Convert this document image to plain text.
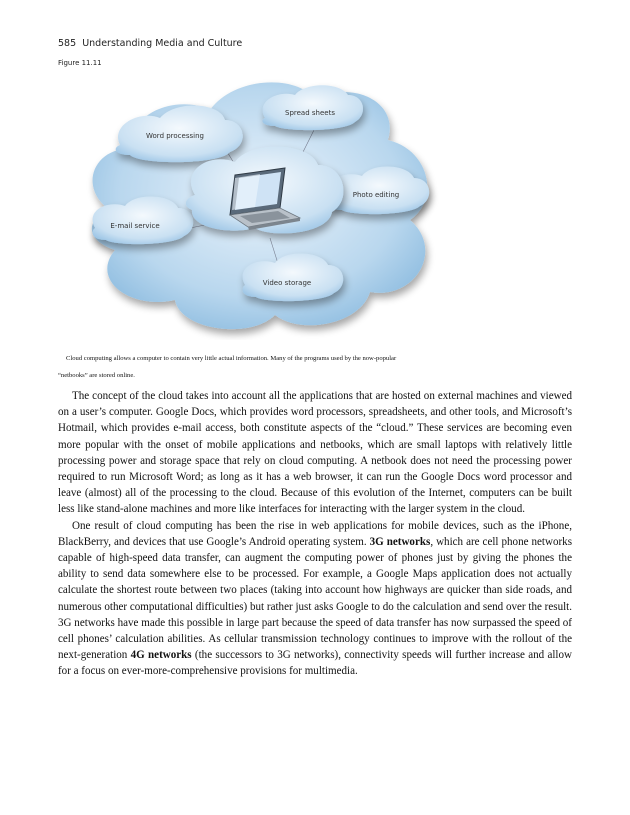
585 Understanding Media and Culture
Figure 11.11
Word processing
Spread sheets
Photo editing
E-mail service
Video storage
Cloud computing allows a computer to contain very little actual information. Many of the programs used by the now-popular
“netbooks” are stored online.

The concept of the cloud takes into account all the applications that are hosted on external machines and viewed on a user’s computer. Google Docs, which provides word processors, spreadsheets, and other tools, and Microsoft’s Hotmail, which provides e-mail access, both constitute aspects of the “cloud.” These services are becoming even more popular with the onset of mobile applications and netbooks, which are small laptops with relatively little processing power and storage space that rely on cloud computing. A netbook does not need the processing power required to run Microsoft Word; as long as it has a web browser, it can run the Google Docs word processor and leave (almost) all of the processing to the cloud. Because of this evolution of the Internet, computers can be built less like stand-alone machines and more like interfaces for interacting with the larger system in the cloud.

One result of cloud computing has been the rise in web applications for mobile devices, such as the iPhone, BlackBerry, and devices that use Google’s Android operating system. 3G networks, which are cell phone networks capable of high-speed data transfer, can augment the computing power of phones just by giving the phones the ability to send data somewhere else to be processed. For example, a Google Maps application does not actually calculate the shortest route between two places (taking into account how highways are quicker than side roads, and numerous other computational difficulties) but rather just asks Google to do the calculation and send over the result. 3G networks have made this possible in large part because the speed of data transfer has now surpassed the speed of cell phones’ calculation abilities. As cellular transmission technology continues to improve with the rollout of the next-generation 4G networks (the successors to 3G networks), connectivity speeds will further increase and allow for a focus on ever-more-comprehensive provisions for multimedia.
